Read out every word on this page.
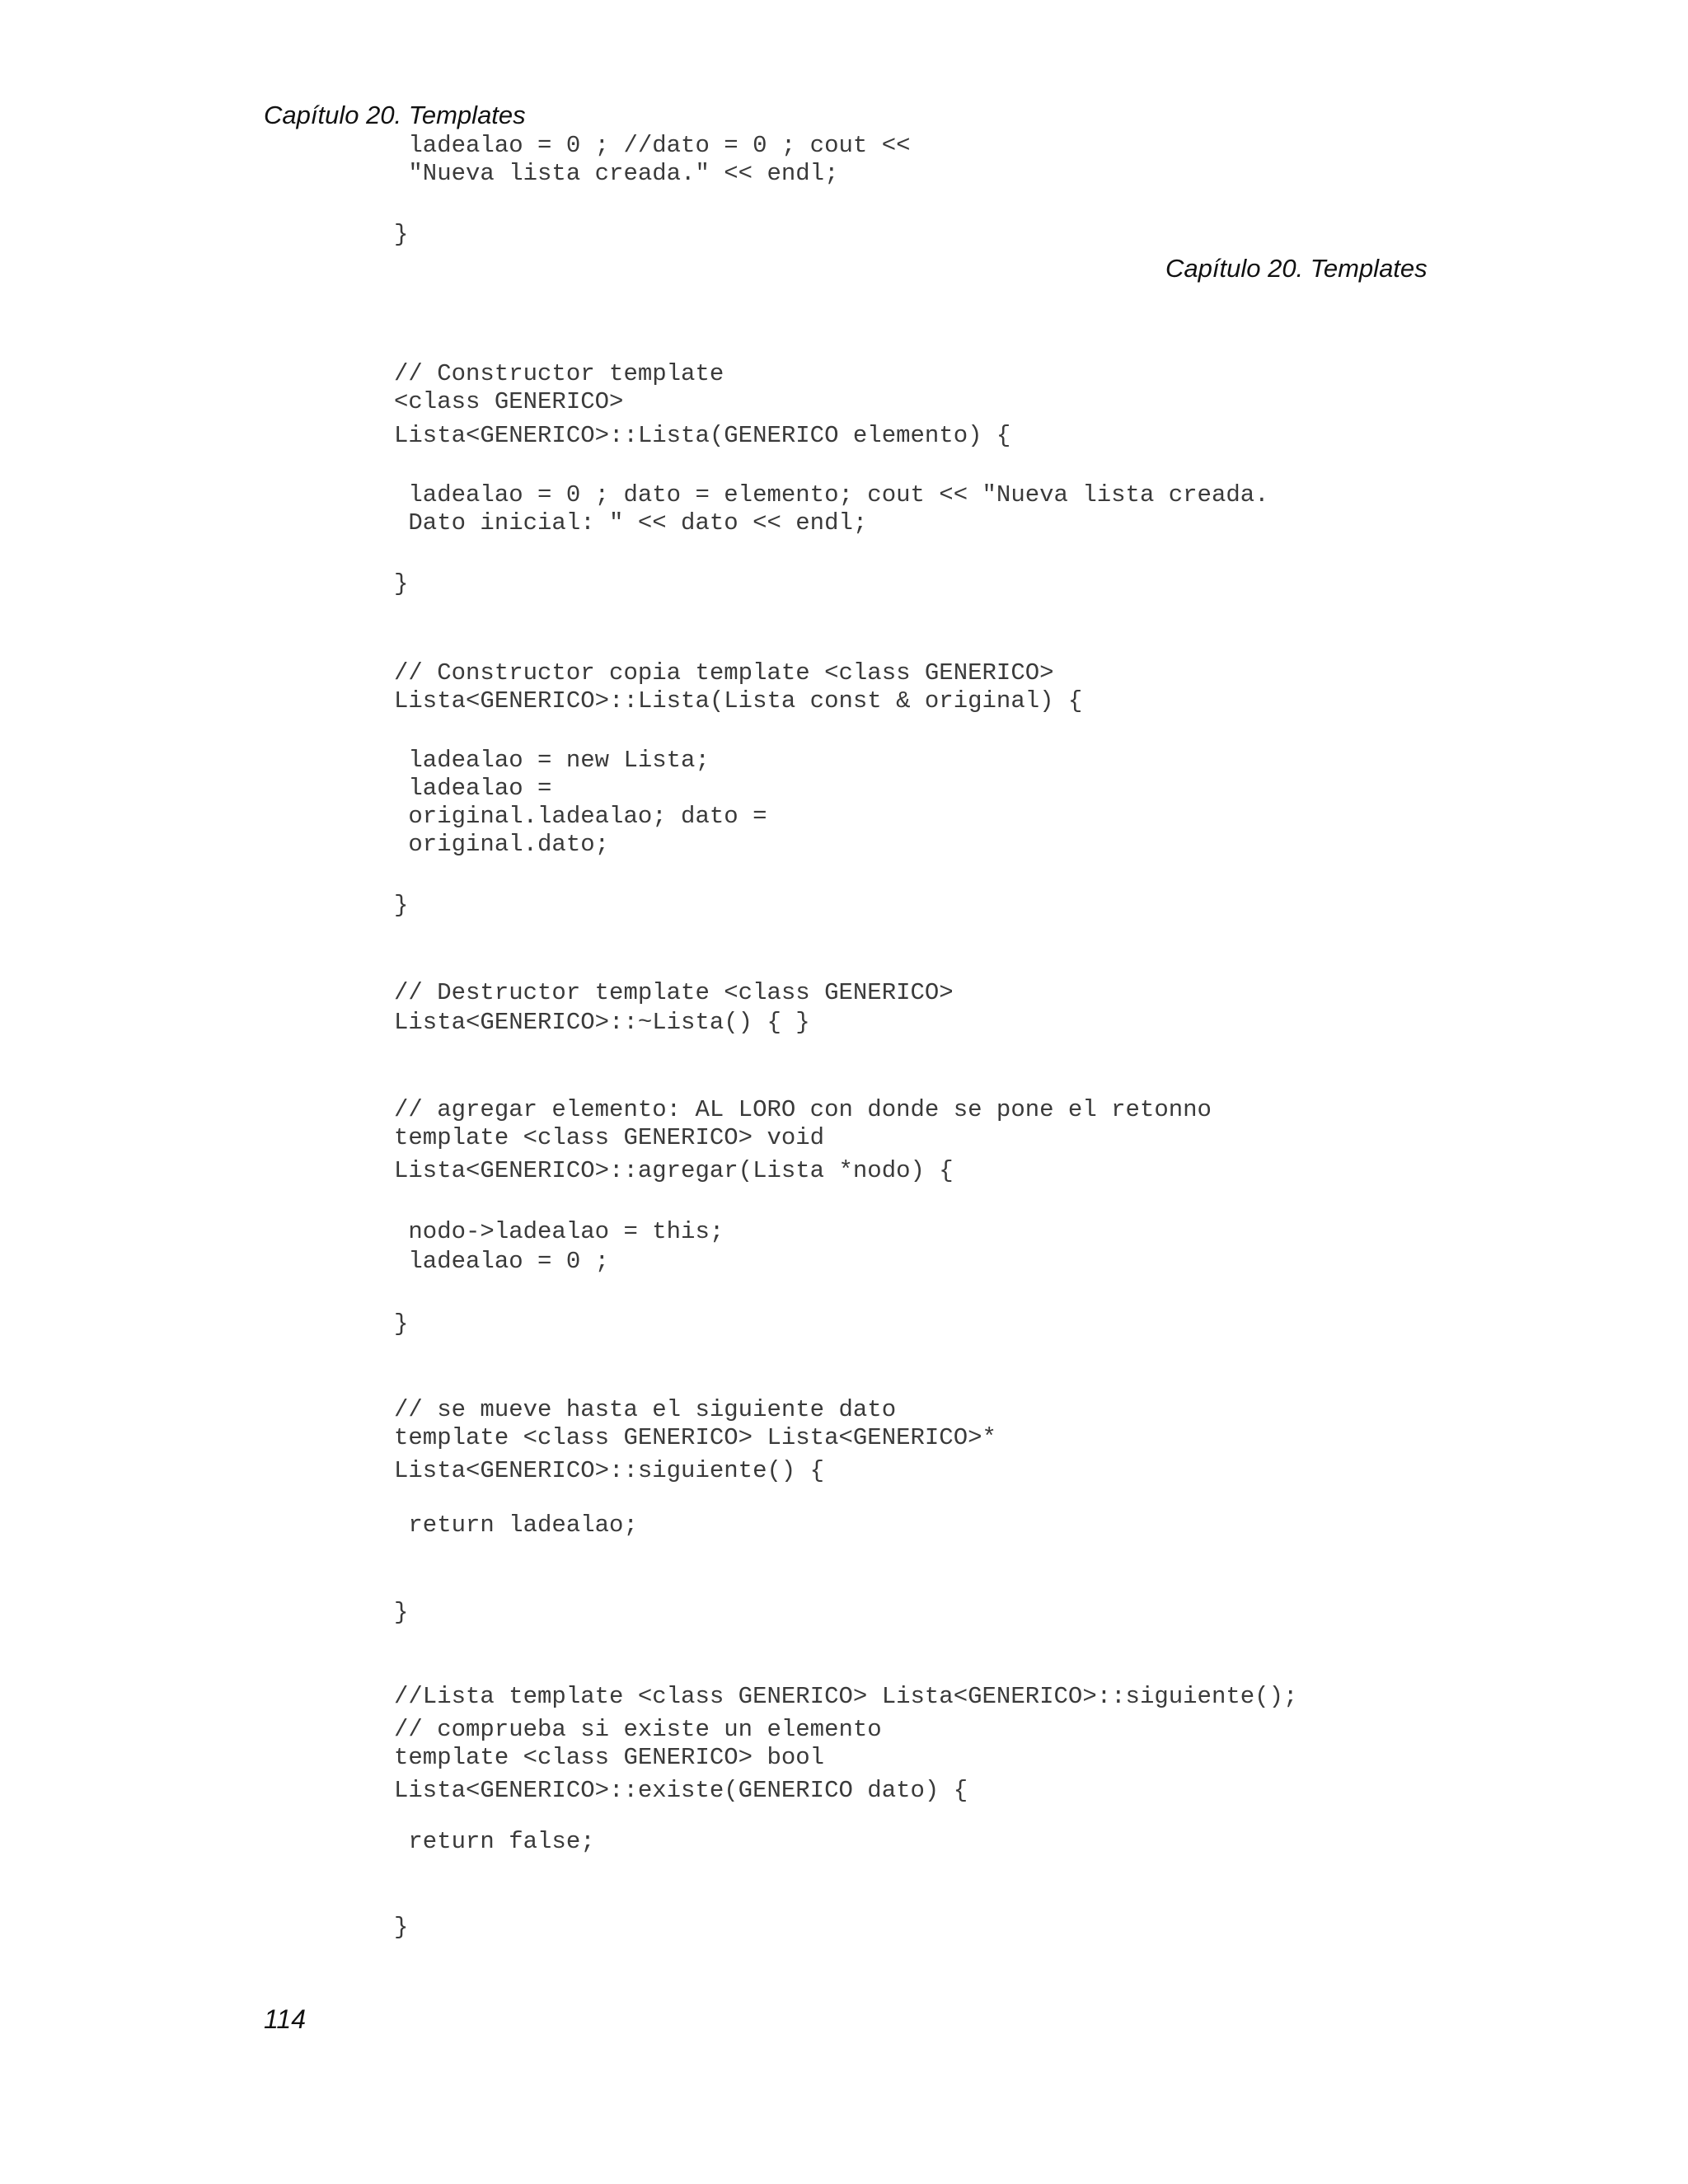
Capítulo 20. Templates
Capítulo 20. Templates
ladealao = 0 ; //dato = 0 ; cout <<
"Nueva lista creada." << endl;
}
// Constructor template
<class GENERICO>
Lista<GENERICO>::Lista(GENERICO elemento) {
ladealao = 0 ; dato = elemento; cout << "Nueva lista creada.
Dato inicial: " << dato << endl;
}
// Constructor copia template <class GENERICO>
Lista<GENERICO>::Lista(Lista const & original) {
ladealao = new Lista;
ladealao =
original.ladealao; dato =
original.dato;
}
// Destructor template <class GENERICO>
Lista<GENERICO>::~Lista() { }
// agregar elemento: AL LORO con donde se pone el retonno
template <class GENERICO> void
Lista<GENERICO>::agregar(Lista *nodo) {
nodo->ladealao = this;
ladealao = 0 ;
}
// se mueve hasta el siguiente dato
template <class GENERICO> Lista<GENERICO>*
Lista<GENERICO>::siguiente() {
return ladealao;
}
//Lista template <class GENERICO> Lista<GENERICO>::siguiente();
// comprueba si existe un elemento
template <class GENERICO> bool
Lista<GENERICO>::existe(GENERICO dato) {
return false;
}
114
